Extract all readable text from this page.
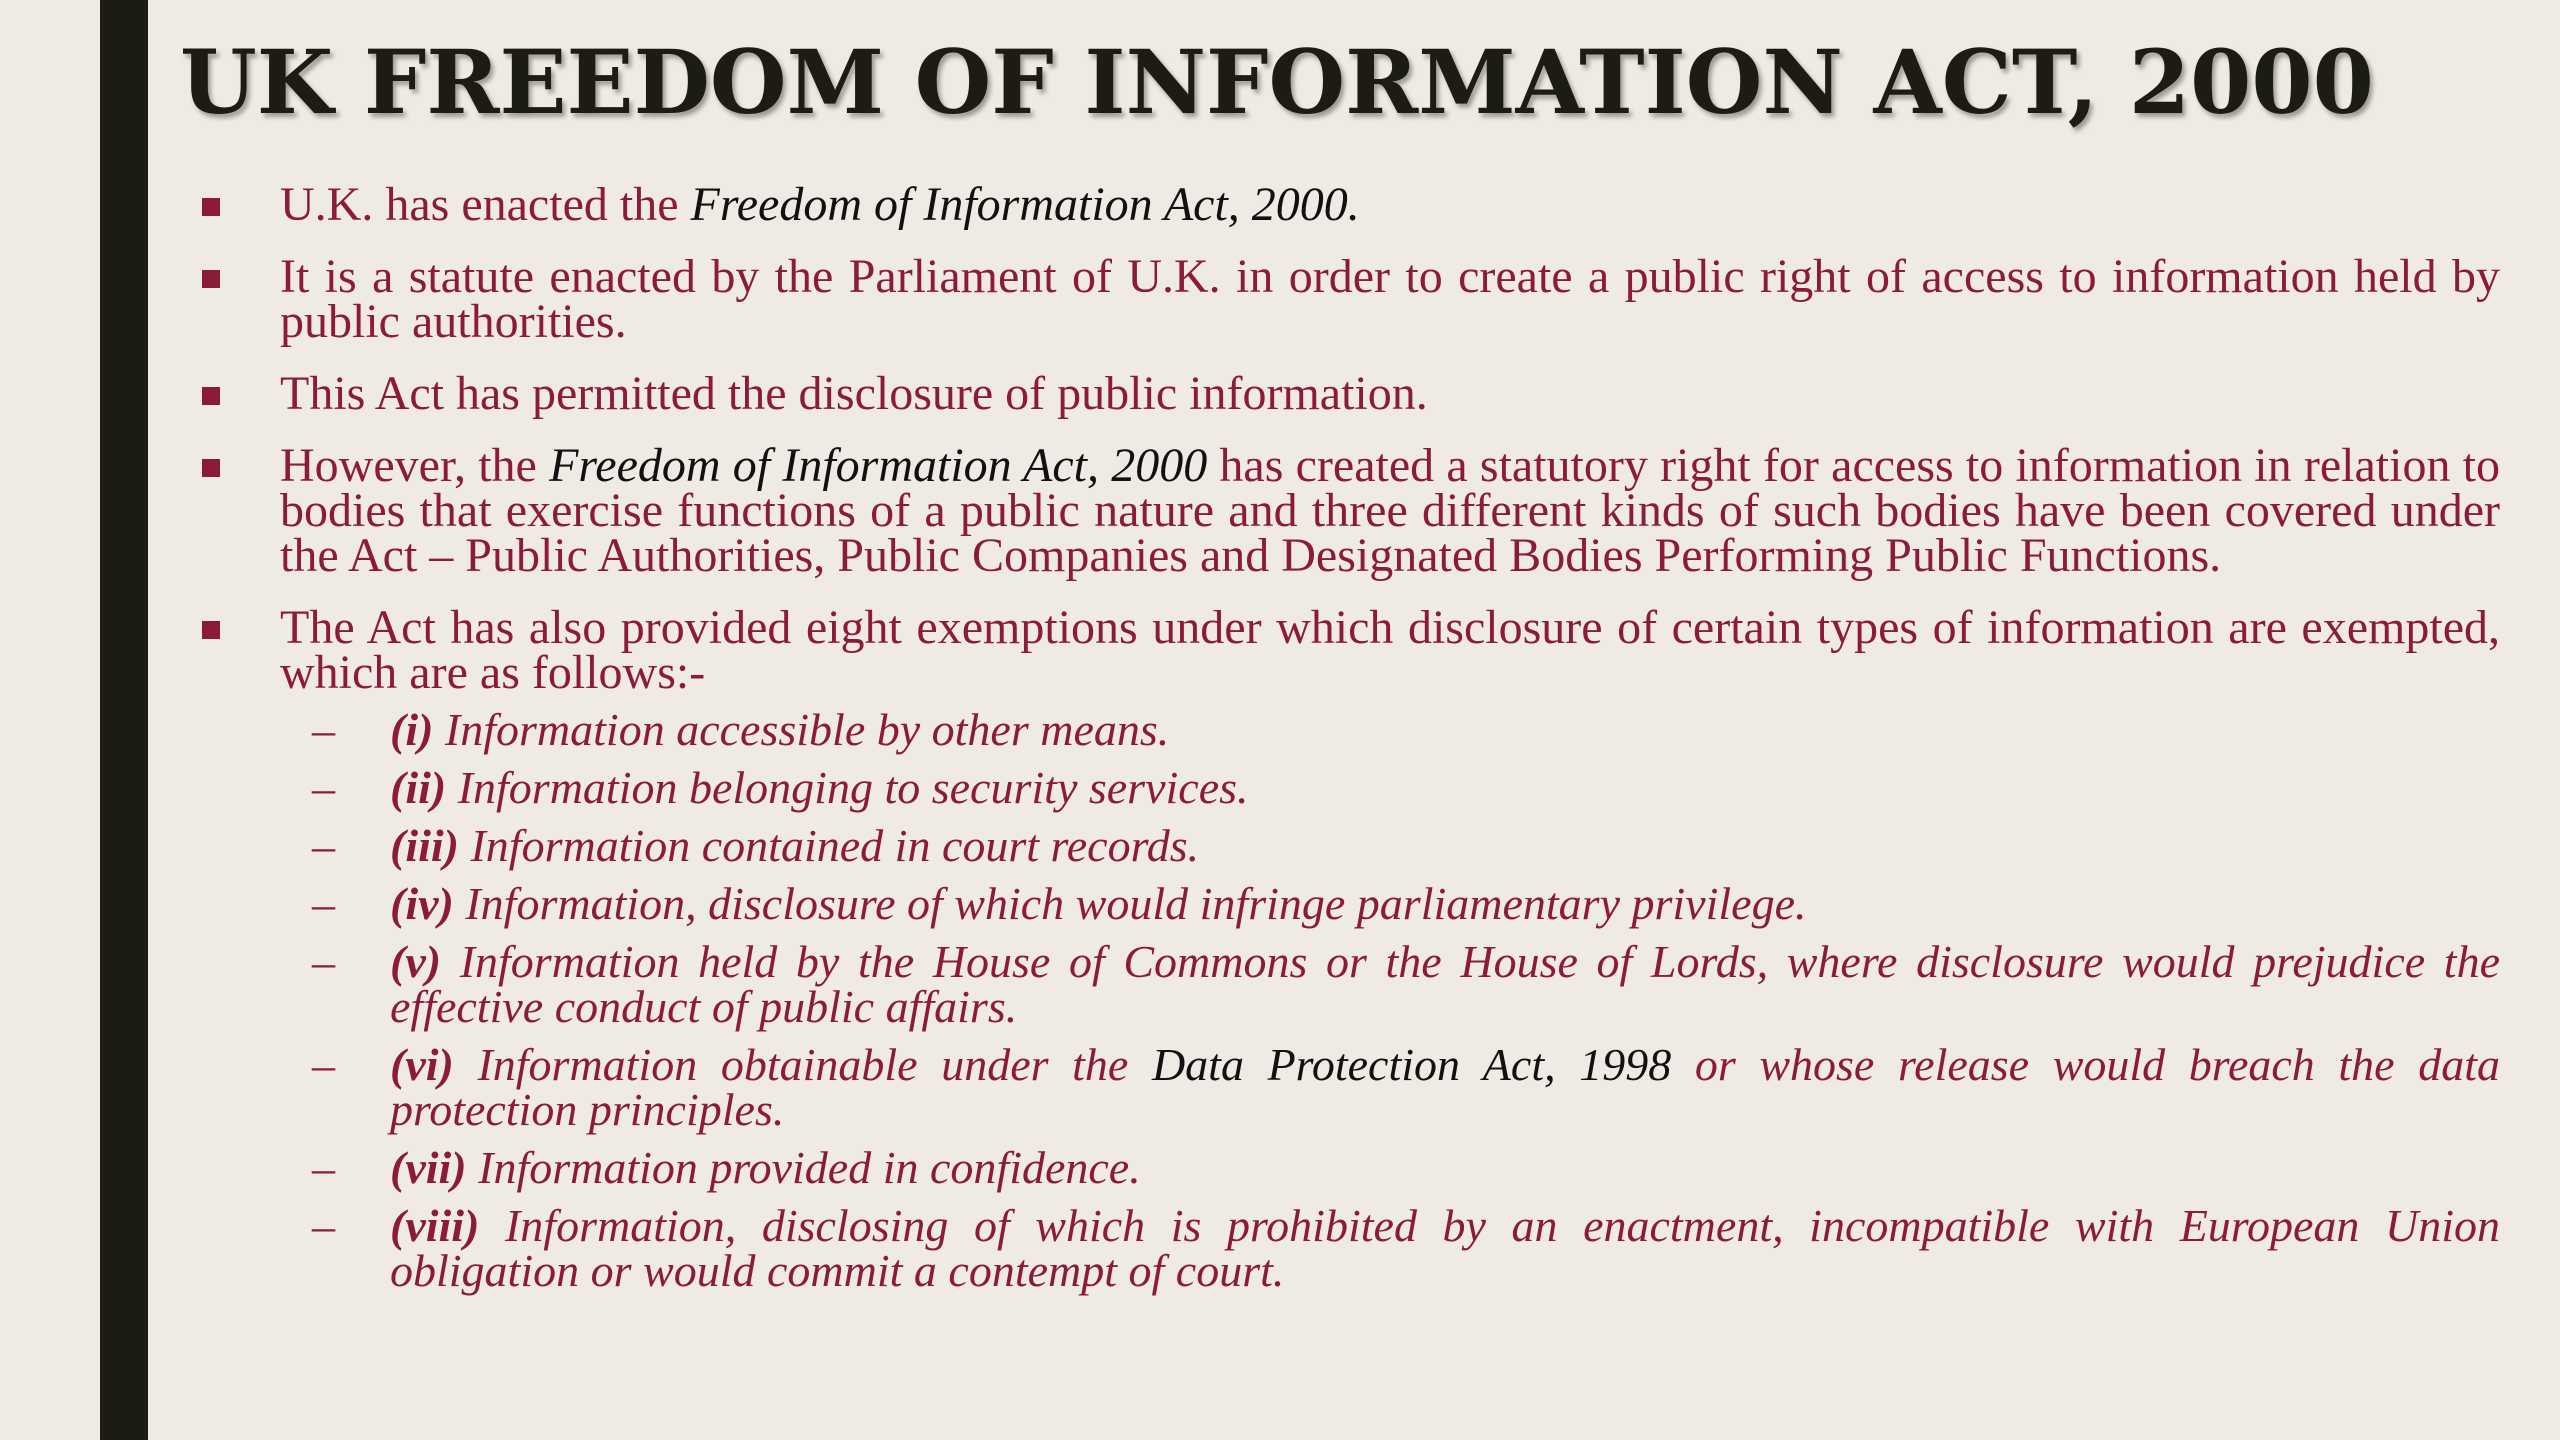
UK FREEDOM OF INFORMATION ACT, 2000

U.K. has enacted the Freedom of Information Act, 2000.

It is a statute enacted by the Parliament of U.K. in order to create a public right of access to information held by public authorities.

This Act has permitted the disclosure of public information.

However, the Freedom of Information Act, 2000 has created a statutory right for access to information in relation to bodies that exercise functions of a public nature and three different kinds of such bodies have been covered under the Act – Public Authorities, Public Companies and Designated Bodies Performing Public Functions.

The Act has also provided eight exemptions under which disclosure of certain types of information are exempted, which are as follows:-

– (i) Information accessible by other means.

– (ii) Information belonging to security services.

– (iii) Information contained in court records.

– (iv) Information, disclosure of which would infringe parliamentary privilege.

– (v) Information held by the House of Commons or the House of Lords, where disclosure would prejudice the effective conduct of public affairs.

– (vi) Information obtainable under the Data Protection Act, 1998 or whose release would breach the data protection principles.

– (vii) Information provided in confidence.

– (viii) Information, disclosing of which is prohibited by an enactment, incompatible with European Union obligation or would commit a contempt of court.
